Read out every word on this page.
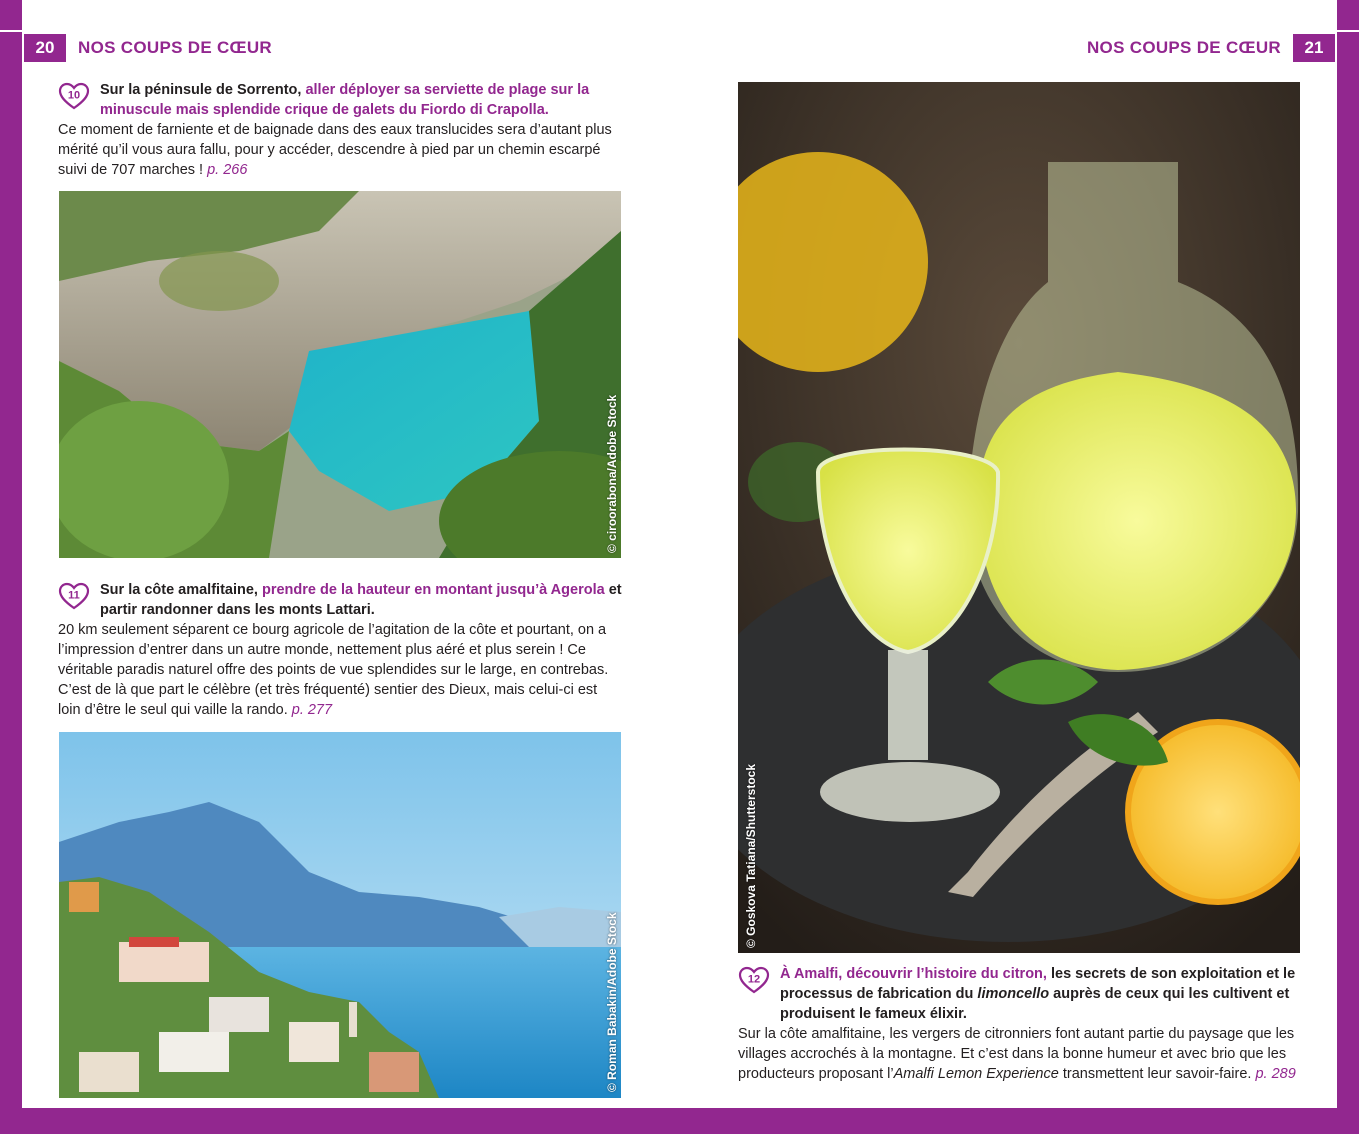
20	NOS COUPS DE CŒUR	NOS COUPS DE CŒUR	21
10	Sur la péninsule de Sorrento, aller déployer sa serviette de plage sur la minuscule mais splendide crique de galets du Fiordo di Crapolla.
Ce moment de farniente et de baignade dans des eaux translucides sera d’autant plus mérité qu’il vous aura fallu, pour y accéder, descendre à pied par un chemin escarpé suivi de 707 marches ! p. 266
© ciroorabona/Adobe Stock
11	Sur la côte amalfitaine, prendre de la hauteur en montant jusqu’à Agerola et partir randonner dans les monts Lattari.
20 km seulement séparent ce bourg agricole de l’agitation de la côte et pourtant, on a l’impression d’entrer dans un autre monde, nettement plus aéré et plus serein ! Ce véritable paradis naturel offre des points de vue splendides sur le large, en contrebas. C’est de là que part le célèbre (et très fréquenté) sentier des Dieux, mais celui-ci est loin d’être le seul qui vaille la rando. p. 277
© Roman Babakin/Adobe Stock
© Goskova Tatiana/Shutterstock
12	À Amalfi, découvrir l’histoire du citron, les secrets de son exploitation et le processus de fabrication du limoncello auprès de ceux qui les cultivent et produisent le fameux élixir.
Sur la côte amalfitaine, les vergers de citronniers font autant partie du paysage que les villages accrochés à la montagne. Et c’est dans la bonne humeur et avec brio que les producteurs proposant l’Amalfi Lemon Experience transmettent leur savoir-faire. p. 289
